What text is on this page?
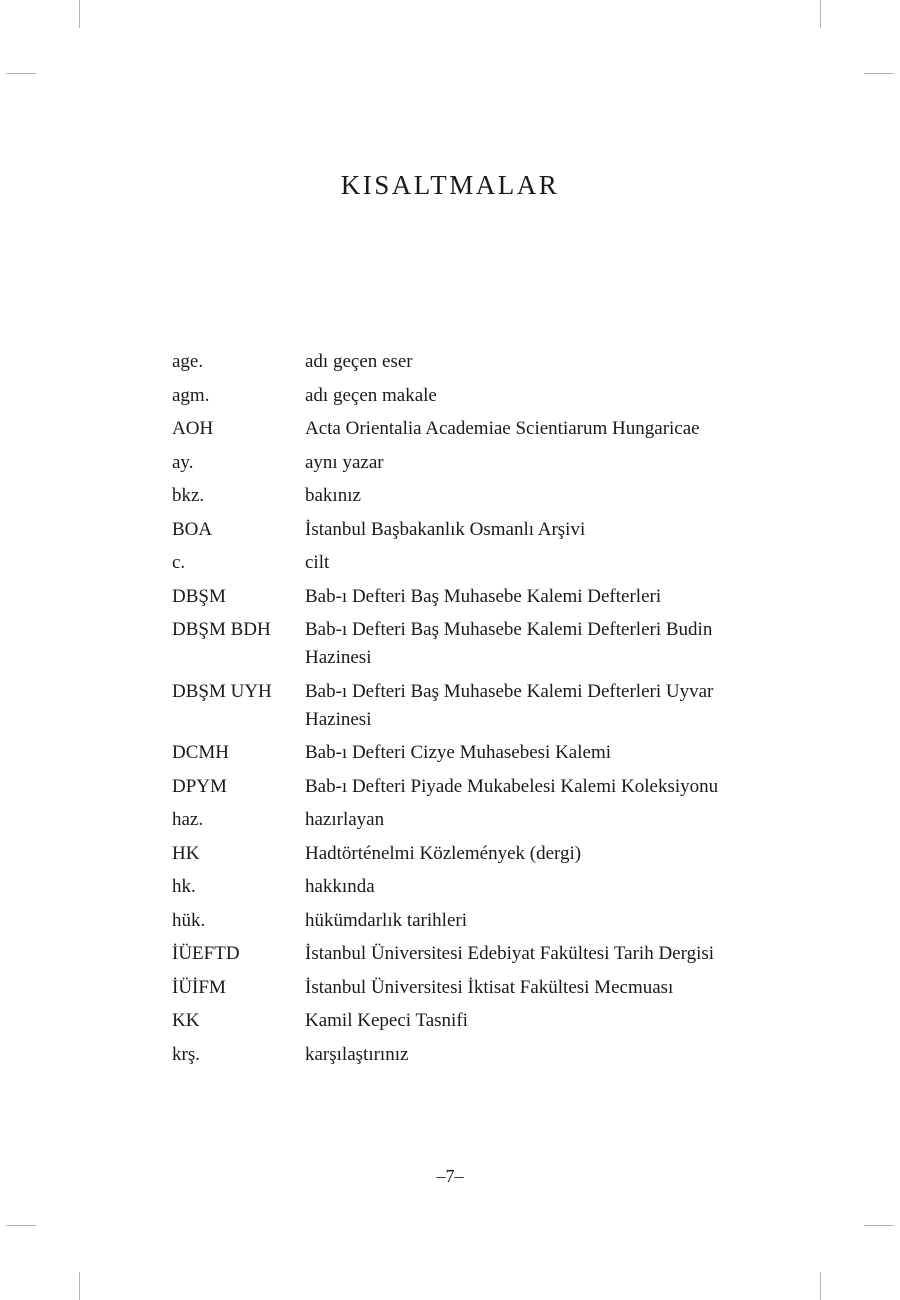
KISALTMALAR
age.	adı geçen eser
agm.	adı geçen makale
AOH	Acta Orientalia Academiae Scientiarum Hungaricae
ay.	aynı yazar
bkz.	bakınız
BOA	İstanbul Başbakanlık Osmanlı Arşivi
c.	cilt
DBŞM	Bab-ı Defteri Baş Muhasebe Kalemi Defterleri
DBŞM BDH	Bab-ı Defteri Baş Muhasebe Kalemi Defterleri Budin Hazinesi
DBŞM UYH	Bab-ı Defteri Baş Muhasebe Kalemi Defterleri Uyvar Hazinesi
DCMH	Bab-ı Defteri Cizye Muhasebesi Kalemi
DPYM	Bab-ı Defteri Piyade Mukabelesi Kalemi Koleksiyonu
haz.	hazırlayan
HK	Hadtörténelmi Közlemények (dergi)
hk.	hakkında
hük.	hükümdarlık tarihleri
İÜEFTD	İstanbul Üniversitesi Edebiyat Fakültesi Tarih Dergisi
İÜİFM	İstanbul Üniversitesi İktisat Fakültesi Mecmuası
KK	Kamil Kepeci Tasnifi
krş.	karşılaştırınız
–7–
